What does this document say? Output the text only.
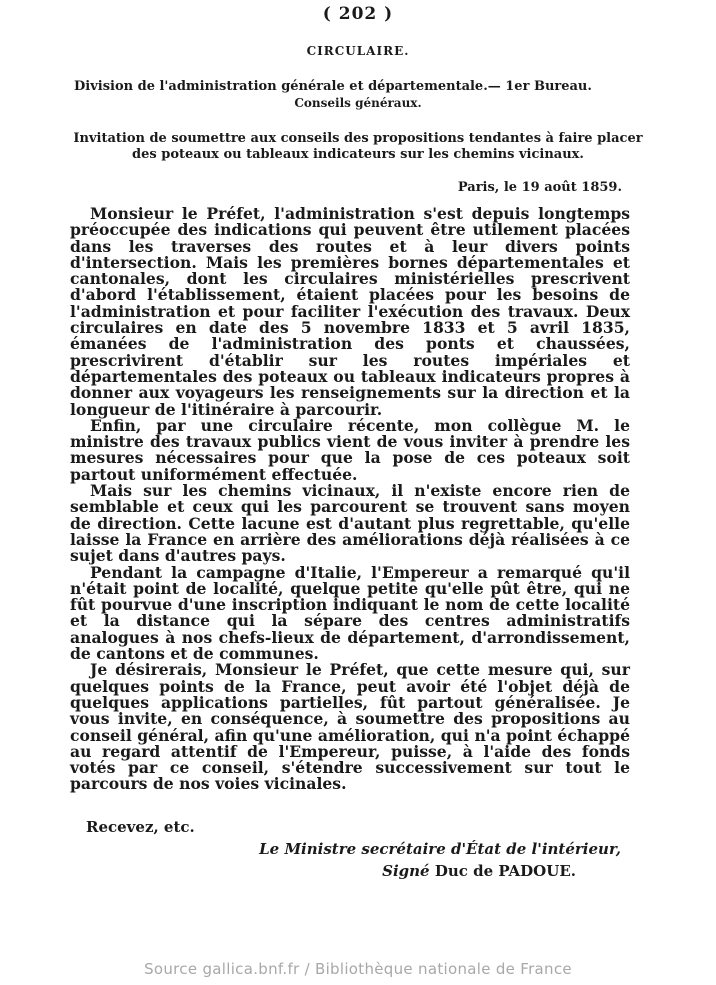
( 202 )
CIRCULAIRE.
Division de l'administration générale et départementale.— 1er Bureau.
Conseils généraux.
Invitation de soumettre aux conseils des propositions tendantes à faire placer
des poteaux ou tableaux indicateurs sur les chemins vicinaux.
Paris, le 19 août 1859.

Monsieur le Préfet, l'administration s'est depuis longtemps préoccupée des indications qui peuvent être utilement placées dans les traverses des routes et à leur divers points d'intersection. Mais les premières bornes départementales et cantonales, dont les circulaires ministérielles prescrivent d'abord l'établissement, étaient placées pour les besoins de l'administration et pour faciliter l'exécution des travaux. Deux circulaires en date des 5 novembre 1833 et 5 avril 1835, émanées de l'administration des ponts et chaussées, prescrivirent d'établir sur les routes impériales et départementales des poteaux ou tableaux indicateurs propres à donner aux voyageurs les renseignements sur la direction et la longueur de l'itinéraire à parcourir.

Enfin, par une circulaire récente, mon collègue M. le ministre des travaux publics vient de vous inviter à prendre les mesures nécessaires pour que la pose de ces poteaux soit partout uniformément effectuée.

Mais sur les chemins vicinaux, il n'existe encore rien de semblable et ceux qui les parcourent se trouvent sans moyen de direction. Cette lacune est d'autant plus regrettable, qu'elle laisse la France en arrière des améliorations déjà réalisées à ce sujet dans d'autres pays.

Pendant la campagne d'Italie, l'Empereur a remarqué qu'il n'était point de localité, quelque petite qu'elle pût être, qui ne fût pourvue d'une inscription indiquant le nom de cette localité et la distance qui la sépare des centres administratifs analogues à nos chefs-lieux de département, d'arrondissement, de cantons et de communes.

Je désirerais, Monsieur le Préfet, que cette mesure qui, sur quelques points de la France, peut avoir été l'objet déjà de quelques applications partielles, fût partout généralisée. Je vous invite, en conséquence, à soumettre des propositions au conseil général, afin qu'une amélioration, qui n'a point échappé au regard attentif de l'Empereur, puisse, à l'aide des fonds votés par ce conseil, s'étendre successivement sur tout le parcours de nos voies vicinales.

Recevez, etc.
Le Ministre secrétaire d'État de l'intérieur,
Signé Duc de PADOUE.
Source gallica.bnf.fr / Bibliothèque nationale de France
